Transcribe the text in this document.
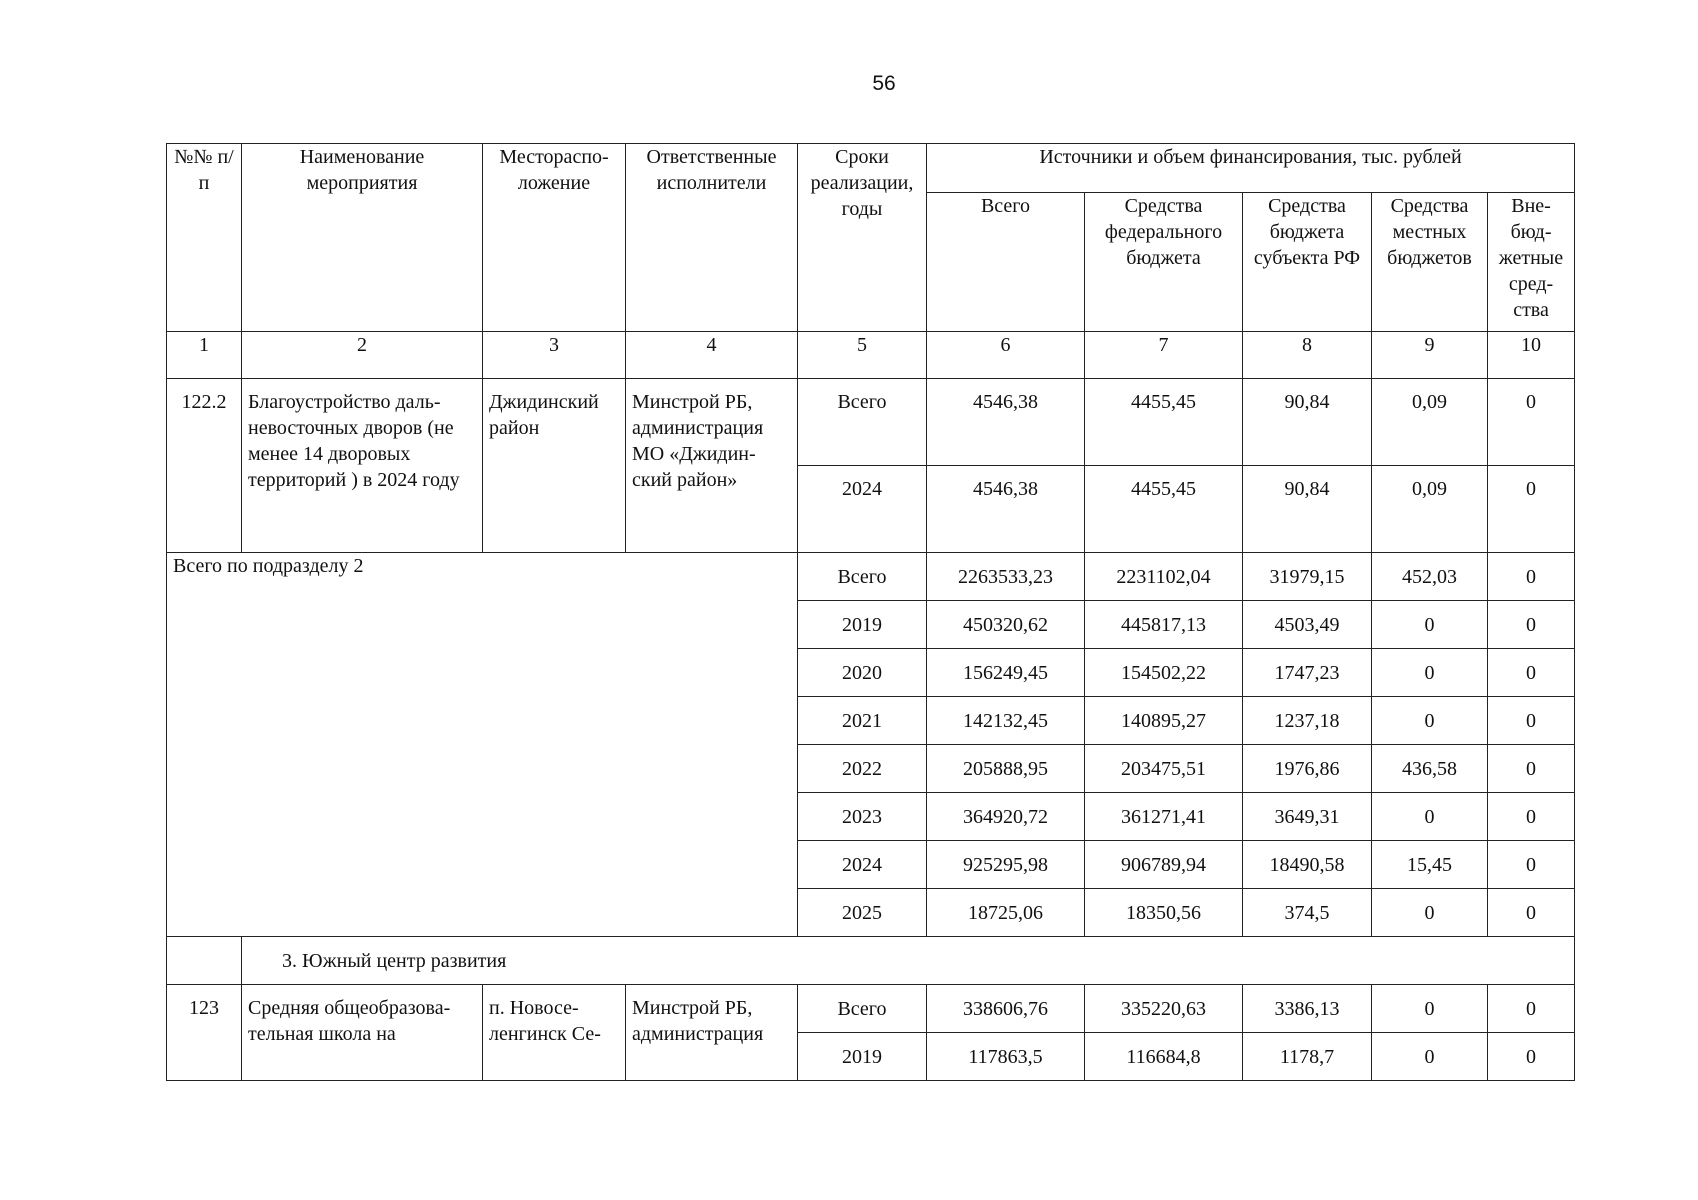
56
№№ п/п	Наименование мероприятия	Местораспо-ложение	Ответственные исполнители	Сроки реализации, годы	Источники и объем финансирования, тыс. рублей				
					Всего	Средства федерального бюджета	Средства бюджета субъекта РФ	Средства местных бюджетов	Вне-бюд-жетные сред-ства
1	2	3	4	5	6	7	8	9	10
122.2	Благоустройство даль-невосточных дворов (не менее 14 дворовых территорий ) в 2024 году	Джидинский район	Минстрой РБ, администрация МО «Джидин-ский район»	Всего	4546,38	4455,45	90,84	0,09	0
				2024	4546,38	4455,45	90,84	0,09	0
Всего по подразделу 2				Всего	2263533,23	2231102,04	31979,15	452,03	0
				2019	450320,62	445817,13	4503,49	0	0
				2020	156249,45	154502,22	1747,23	0	0
				2021	142132,45	140895,27	1237,18	0	0
				2022	205888,95	203475,51	1976,86	436,58	0
				2023	364920,72	361271,41	3649,31	0	0
				2024	925295,98	906789,94	18490,58	15,45	0
				2025	18725,06	18350,56	374,5	0	0
	3. Южный центр развития								
123	Средняя общеобразова-тельная школа на	п. Новосе-ленгинск Се-	Минстрой РБ, администрация	Всего	338606,76	335220,63	3386,13	0	0
				2019	117863,5	116684,8	1178,7	0	0
